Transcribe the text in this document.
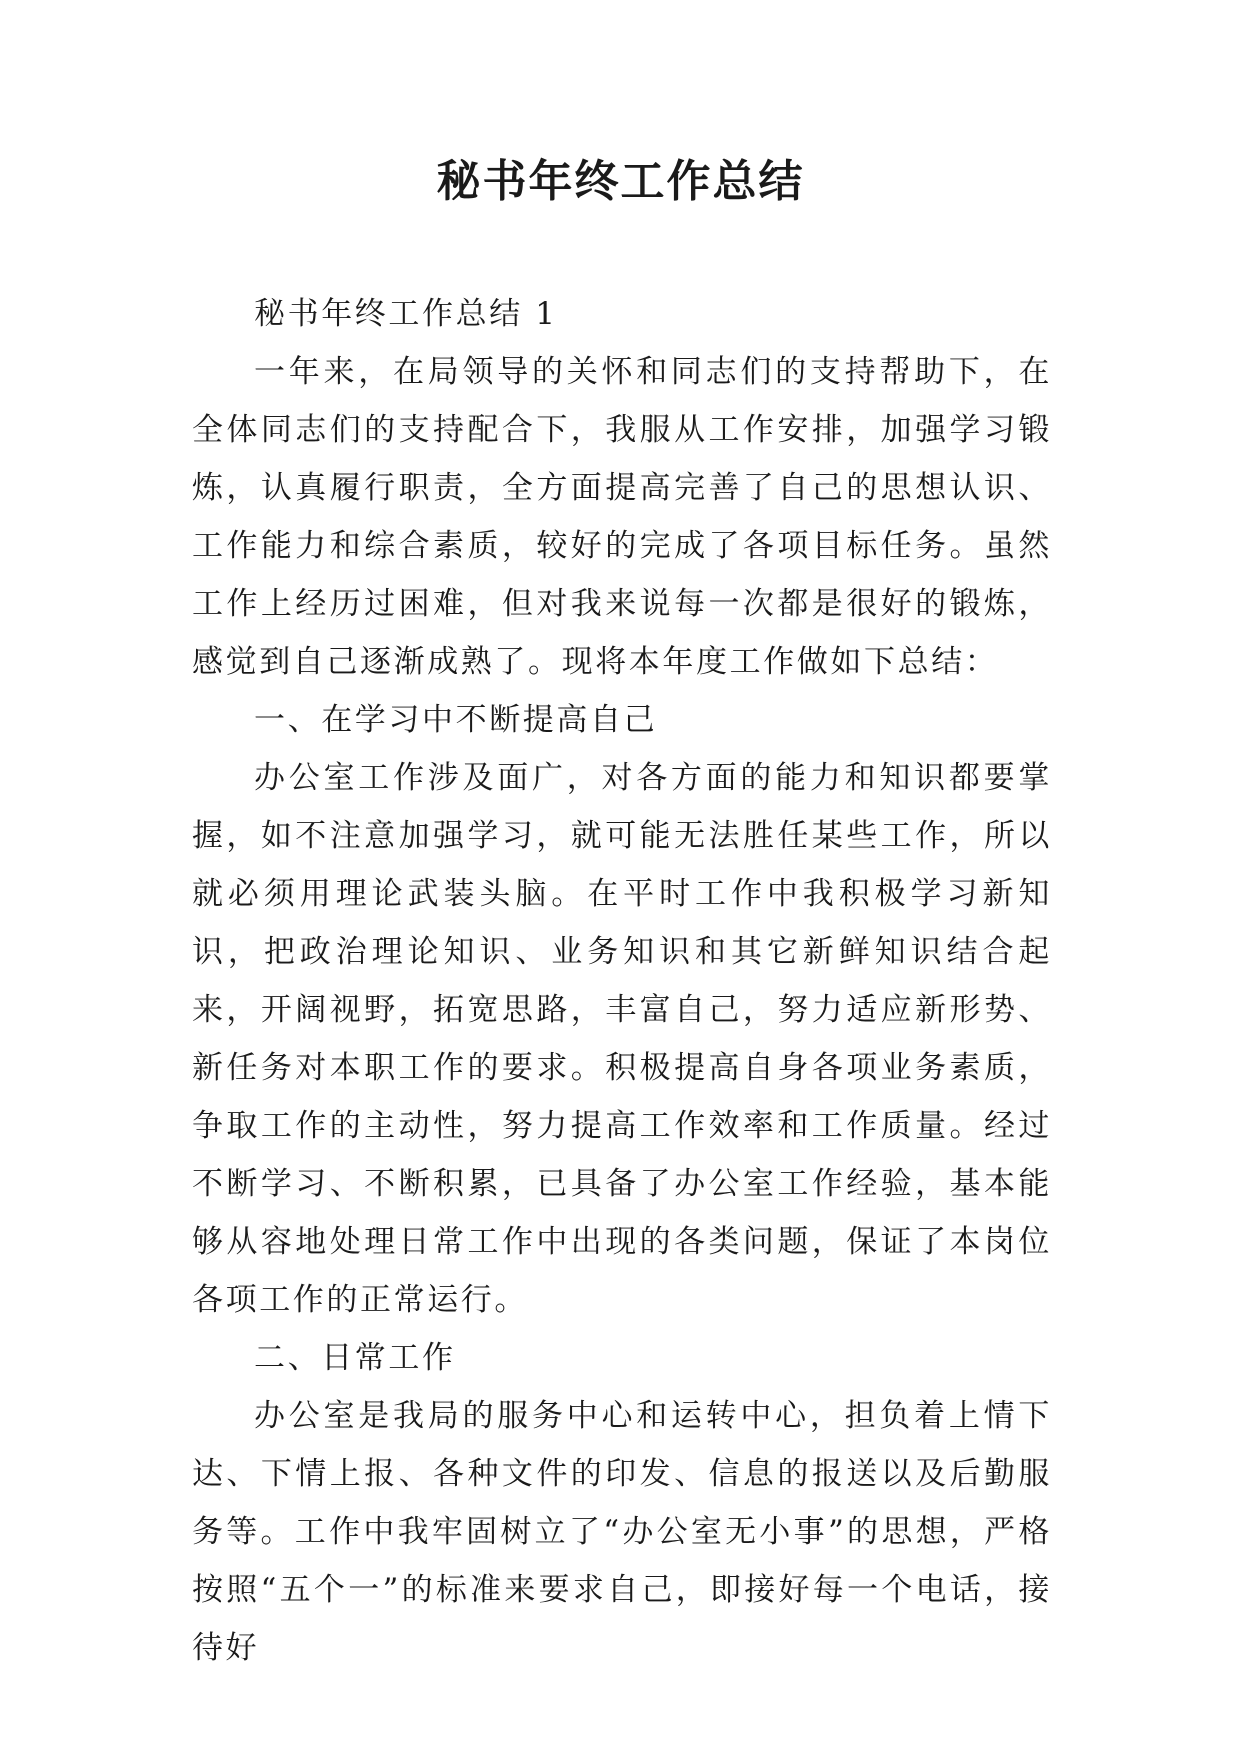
秘书年终工作总结

秘书年终工作总结 1

一年来，在局领导的关怀和同志们的支持帮助下，在全体同志们的支持配合下，我服从工作安排，加强学习锻炼，认真履行职责，全方面提高完善了自己的思想认识、工作能力和综合素质，较好的完成了各项目标任务。虽然工作上经历过困难，但对我来说每一次都是很好的锻炼，感觉到自己逐渐成熟了。现将本年度工作做如下总结：

一、在学习中不断提高自己

办公室工作涉及面广，对各方面的能力和知识都要掌握，如不注意加强学习，就可能无法胜任某些工作，所以就必须用理论武装头脑。在平时工作中我积极学习新知识，把政治理论知识、业务知识和其它新鲜知识结合起来，开阔视野，拓宽思路，丰富自己，努力适应新形势、新任务对本职工作的要求。积极提高自身各项业务素质，争取工作的主动性，努力提高工作效率和工作质量。经过不断学习、不断积累，已具备了办公室工作经验，基本能够从容地处理日常工作中出现的各类问题，保证了本岗位各项工作的正常运行。

二、日常工作

办公室是我局的服务中心和运转中心，担负着上情下达、下情上报、各种文件的印发、信息的报送以及后勤服务等。工作中我牢固树立了“办公室无小事”的思想，严格按照“五个一”的标准来要求自己，即接好每一个电话，接待好
